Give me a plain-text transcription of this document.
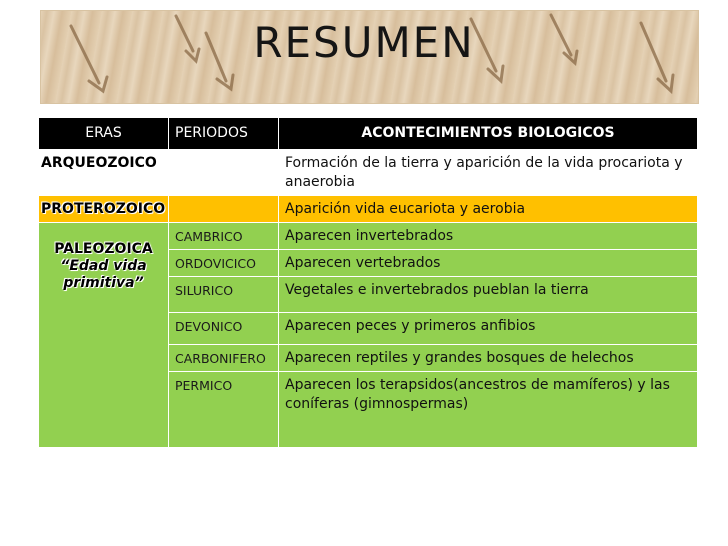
RESUMEN
ERAS	PERIODOS	ACONTECIMIENTOS BIOLOGICOS
ARQUEOZOICO		Formación de la tierra y aparición de la vida procariota y anaerobia
PROTEROZOICO		Aparición vida eucariota y aerobia

PALEOZOICA
“Edad vida primitiva”	CAMBRICO	Aparecen invertebrados
	ORDOVICICO	Aparecen vertebrados
	SILURICO	Vegetales e invertebrados pueblan la tierra
	DEVONICO	Aparecen peces y primeros anfibios
	CARBONIFERO	Aparecen reptiles y grandes bosques de helechos
	PERMICO	Aparecen los terapsidos(ancestros de mamíferos) y las coníferas (gimnospermas)
